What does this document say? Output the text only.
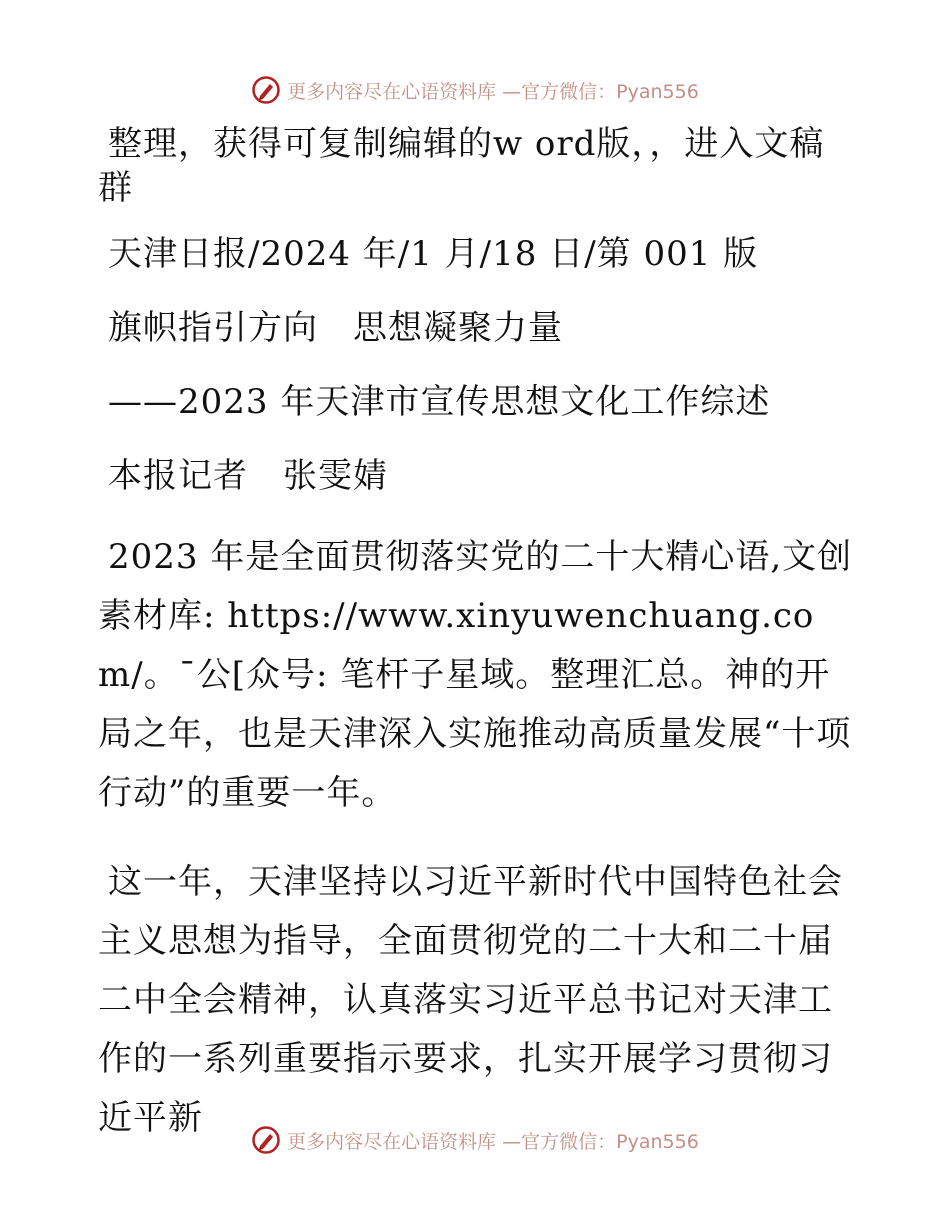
更多内容尽在心语资料库 —官方微信：Pyan556

整理，获得可复制编辑的w ord版，，进入文稿群

天津日报/2024 年/1 月/18 日/第 001 版

旗帜指引方向　思想凝聚力量

——2023 年天津市宣传思想文化工作综述

本报记者　张雯婧

2023 年是全面贯彻落实党的二十大精心语,文创素材库: https://www.xinyuwenchuang.com/。¯公[众号: 笔杆子星域。整理汇总。神的开局之年，也是天津深入实施推动高质量发展“十项行动”的重要一年。

这一年，天津坚持以习近平新时代中国特色社会主义思想为指导，全面贯彻党的二十大和二十届二中全会精神，认真落实习近平总书记对天津工作的一系列重要指示要求，扎实开展学习贯彻习近平新

更多内容尽在心语资料库 —官方微信：Pyan556
